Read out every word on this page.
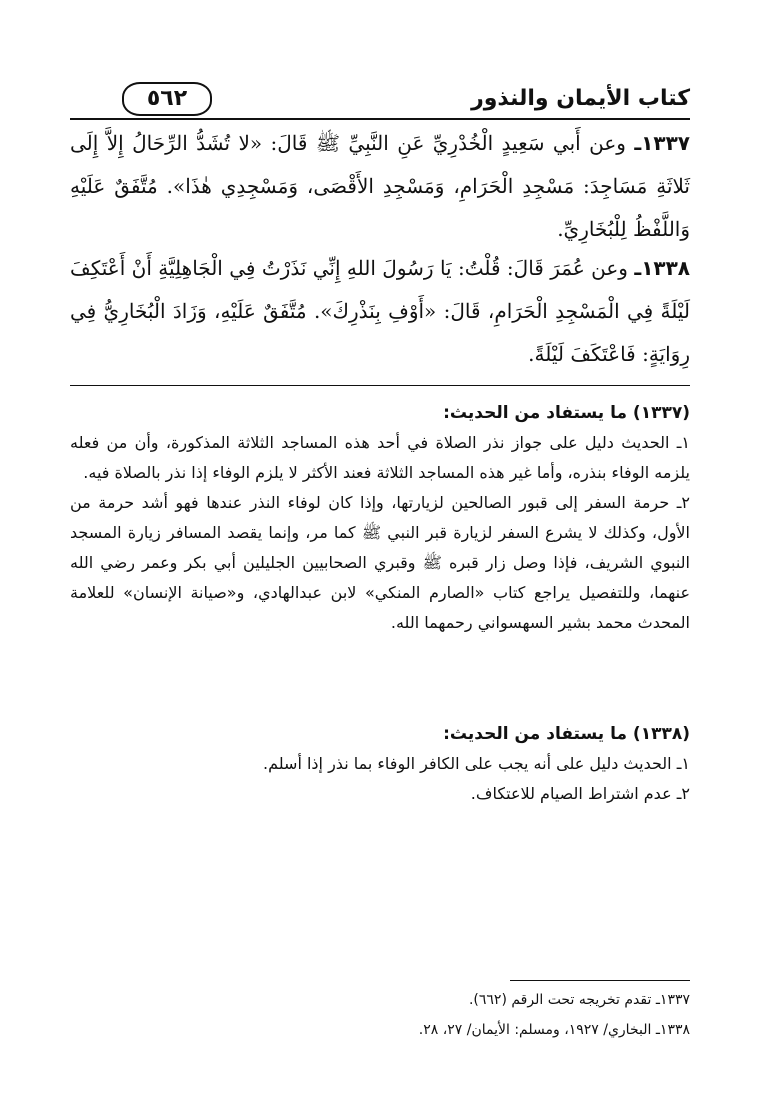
كتاب الأيمان والنذور
٥٦٢
١٣٣٧ـ وعن أَبي سَعِيدٍ الْخُدْرِيِّ عَنِ النَّبِيِّ ﷺ قَالَ: «لا تُشَدُّ الرِّحَالُ إِلاَّ إِلَى ثَلاثَةِ مَسَاجِدَ: مَسْجِدِ الْحَرَامِ، وَمَسْجِدِ الأَقْصَى، وَمَسْجِدِي هٰذَا». مُتَّفَقٌ عَلَيْهِ وَاللَّفْظُ لِلْبُخَارِيِّ.
١٣٣٨ـ وعن عُمَرَ قَالَ: قُلْتُ: يَا رَسُولَ اللهِ إِنِّي نَذَرْتُ فِي الْجَاهِلِيَّةِ أَنْ أَعْتَكِفَ لَيْلَةً فِي الْمَسْجِدِ الْحَرَامِ، قَالَ: «أَوْفِ بِنَذْرِكَ». مُتَّفَقٌ عَلَيْهِ، وَزَادَ الْبُخَارِيُّ فِي رِوَايَةٍ: فَاعْتَكَفَ لَيْلَةً.
(١٣٣٧) ما يستفاد من الحديث:

١ـ الحديث دليل على جواز نذر الصلاة في أحد هذه المساجد الثلاثة المذكورة، وأن من فعله يلزمه الوفاء بنذره، وأما غير هذه المساجد الثلاثة فعند الأكثر لا يلزم الوفاء إذا نذر بالصلاة فيه.

٢ـ حرمة السفر إلى قبور الصالحين لزيارتها، وإذا كان لوفاء النذر عندها فهو أشد حرمة من الأول، وكذلك لا يشرع السفر لزيارة قبر النبي ﷺ كما مر، وإنما يقصد المسافر زيارة المسجد النبوي الشريف، فإذا وصل زار قبره ﷺ وقبري الصحابيين الجليلين أبي بكر وعمر رضي الله عنهما، وللتفصيل يراجع كتاب «الصارم المنكي» لابن عبدالهادي، و«صيانة الإنسان» للعلامة المحدث محمد بشير السهسواني رحمهما الله.

(١٣٣٨) ما يستفاد من الحديث:

١ـ الحديث دليل على أنه يجب على الكافر الوفاء بما نذر إذا أسلم.

٢ـ عدم اشتراط الصيام للاعتكاف.

١٣٣٧ـ تقدم تخريجه تحت الرقم (٦٦٢).

١٣٣٨ـ البخاري/ ١٩٢٧، ومسلم: الأيمان/ ٢٧، ٢٨.
